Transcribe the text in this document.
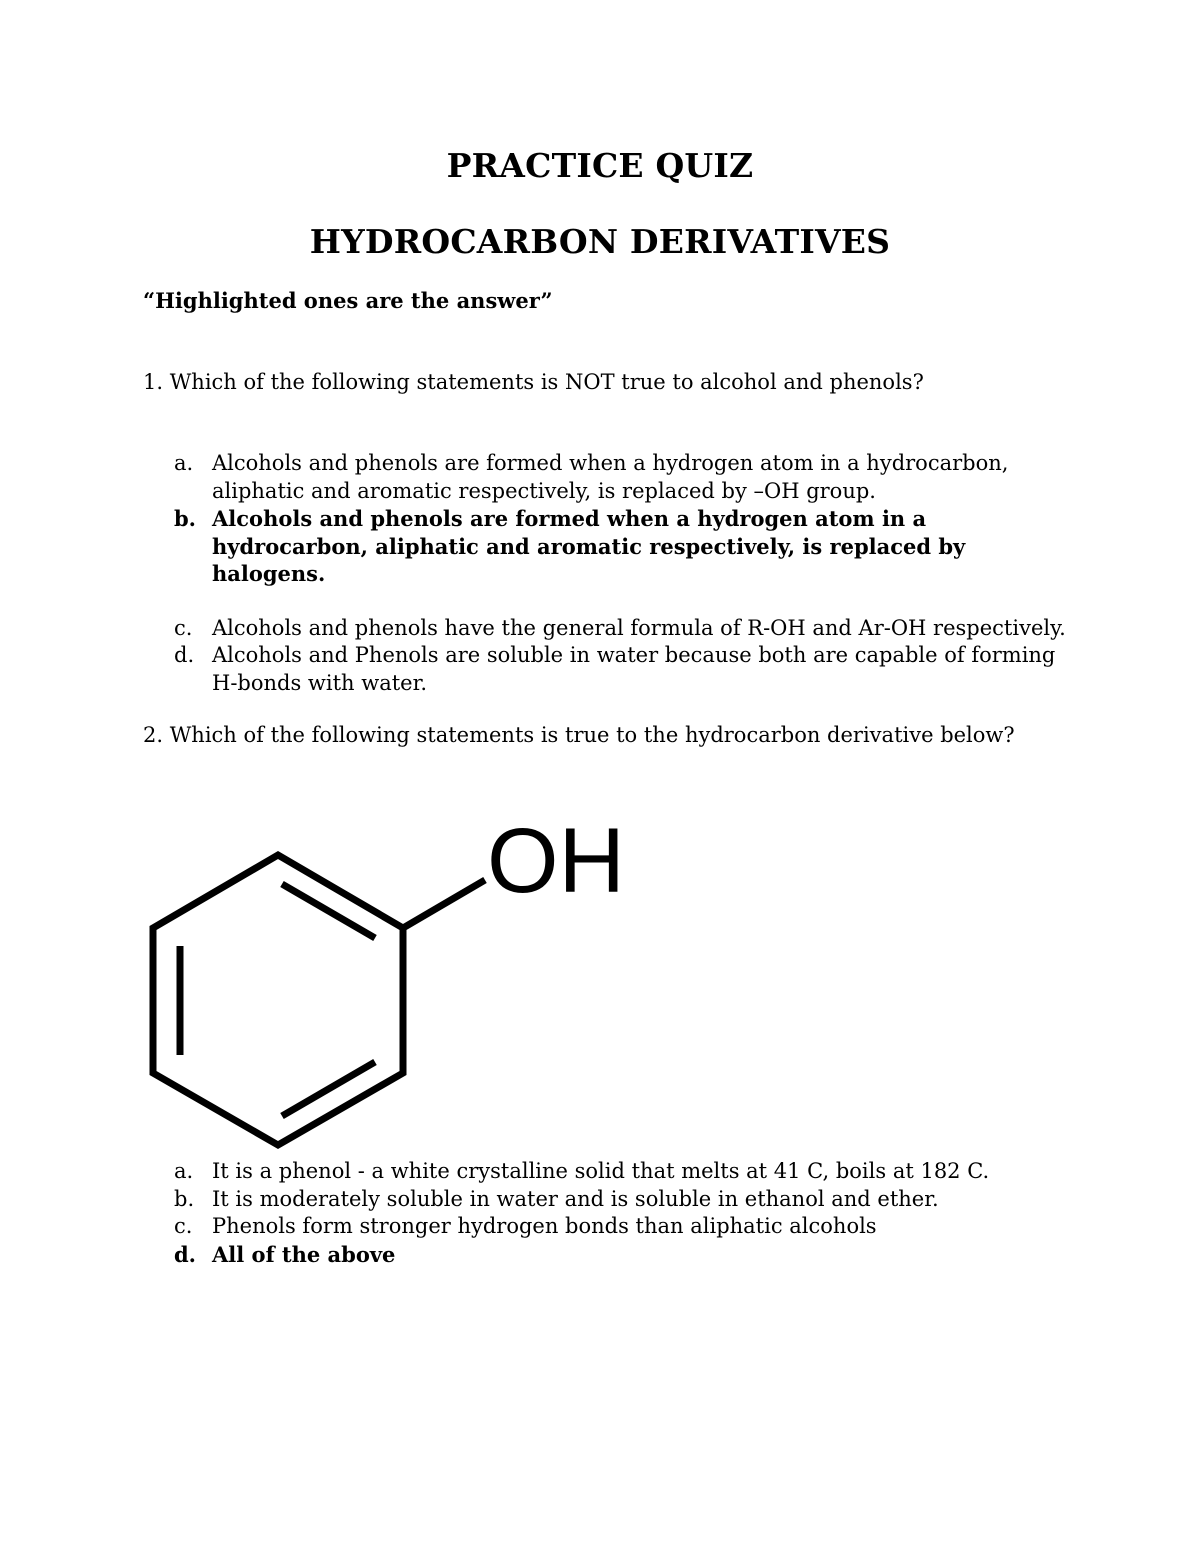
PRACTICE QUIZ
HYDROCARBON DERIVATIVES
“Highlighted ones are the answer”
1. Which of the following statements is NOT true to alcohol and phenols?
a. Alcohols and phenols are formed when a hydrogen atom in a hydrocarbon, aliphatic and aromatic respectively, is replaced by –OH group.
b. Alcohols and phenols are formed when a hydrogen atom in a hydrocarbon, aliphatic and aromatic respectively, is replaced by halogens.
c. Alcohols and phenols have the general formula of R-OH and Ar-OH respectively.
d. Alcohols and Phenols are soluble in water because both are capable of forming H-bonds with water.
2. Which of the following statements is true to the hydrocarbon derivative below?
OH
a. It is a phenol - a white crystalline solid that melts at 41 C, boils at 182 C.
b. It is moderately soluble in water and is soluble in ethanol and ether.
c. Phenols form stronger hydrogen bonds than aliphatic alcohols
d. All of the above
